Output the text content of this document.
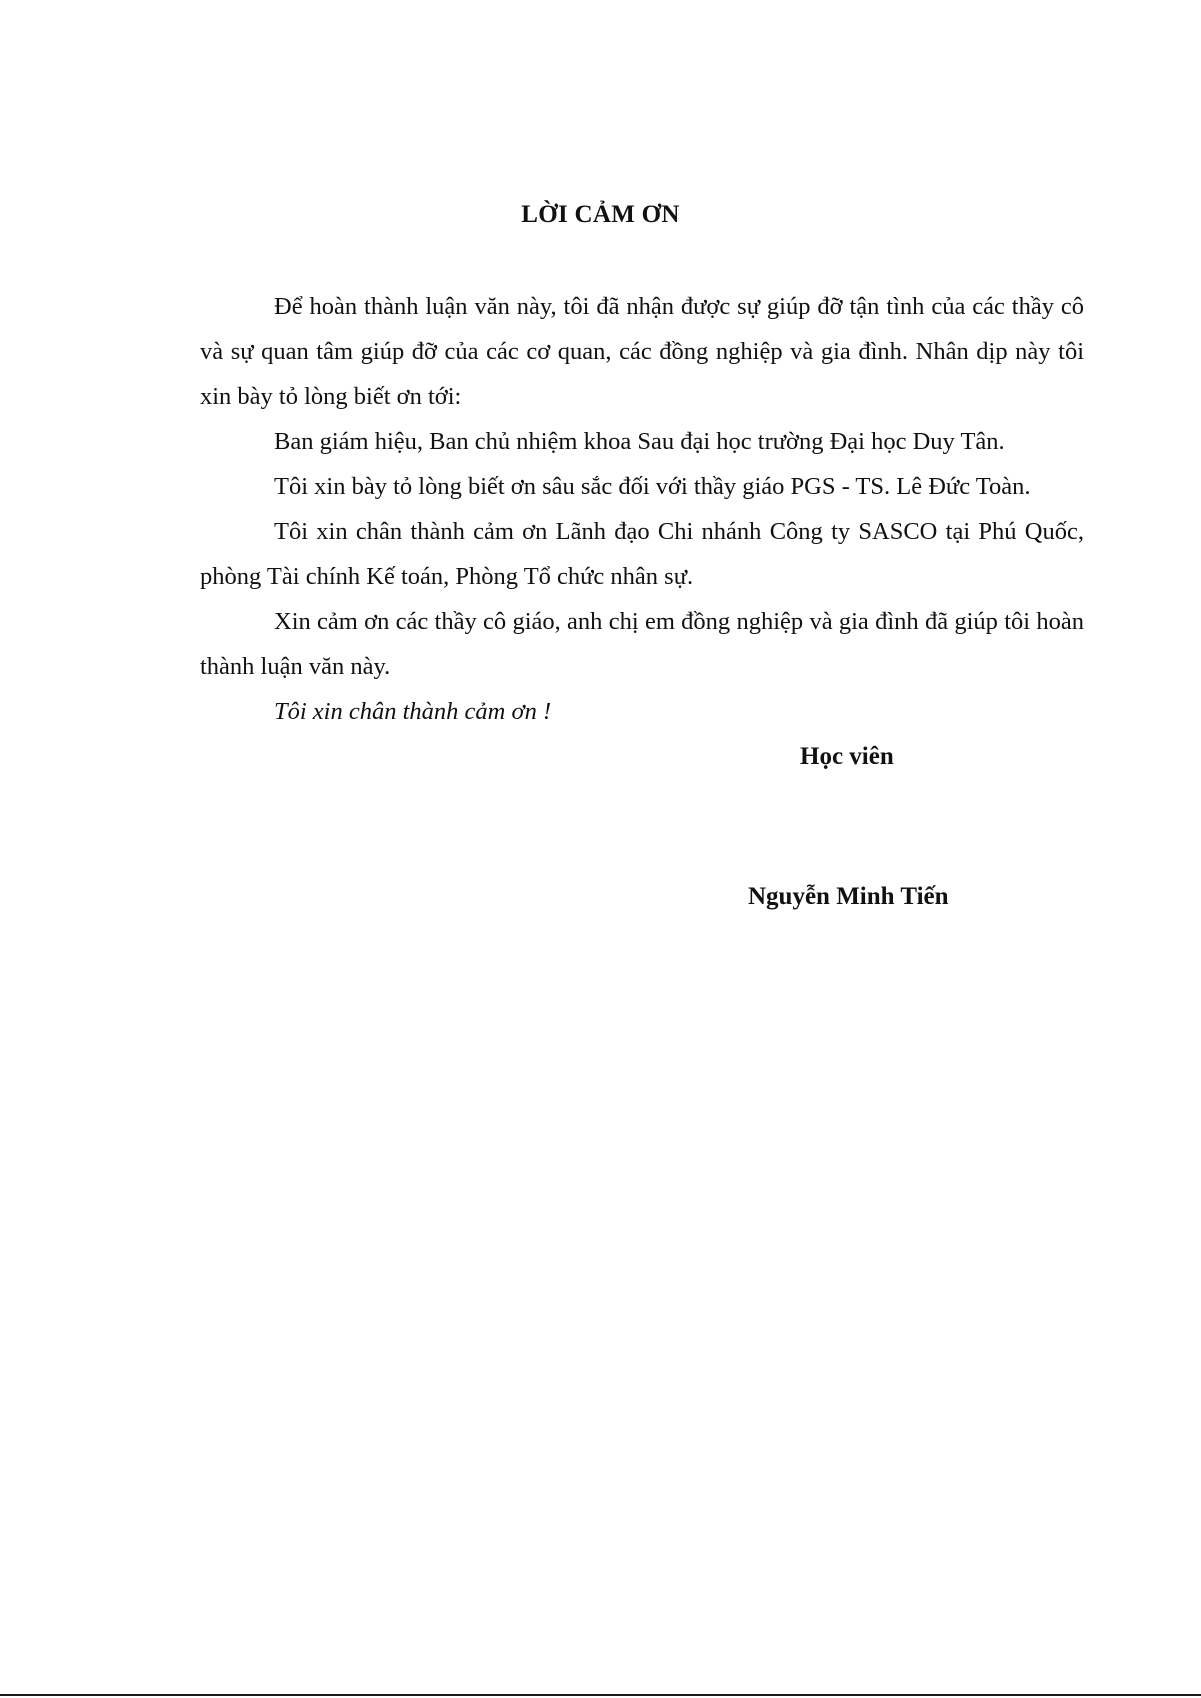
LỜI CẢM ƠN

Để hoàn thành luận văn này, tôi đã nhận được sự giúp đỡ tận tình của các thầy cô và sự quan tâm giúp đỡ của các cơ quan, các đồng nghiệp và gia đình. Nhân dịp này tôi xin bày tỏ lòng biết ơn tới:

Ban giám hiệu, Ban chủ nhiệm khoa Sau đại học trường Đại học Duy Tân.

Tôi xin bày tỏ lòng biết ơn sâu sắc đối với thầy giáo PGS - TS. Lê Đức Toàn.

Tôi xin chân thành cảm ơn Lãnh đạo Chi nhánh Công ty SASCO tại Phú Quốc, phòng Tài chính Kế toán, Phòng Tổ chức nhân sự.

Xin cảm ơn các thầy cô giáo, anh chị em đồng nghiệp và gia đình đã giúp tôi hoàn thành luận văn này.

Tôi xin chân thành cảm ơn !

Học viên
Nguyễn Minh Tiến
